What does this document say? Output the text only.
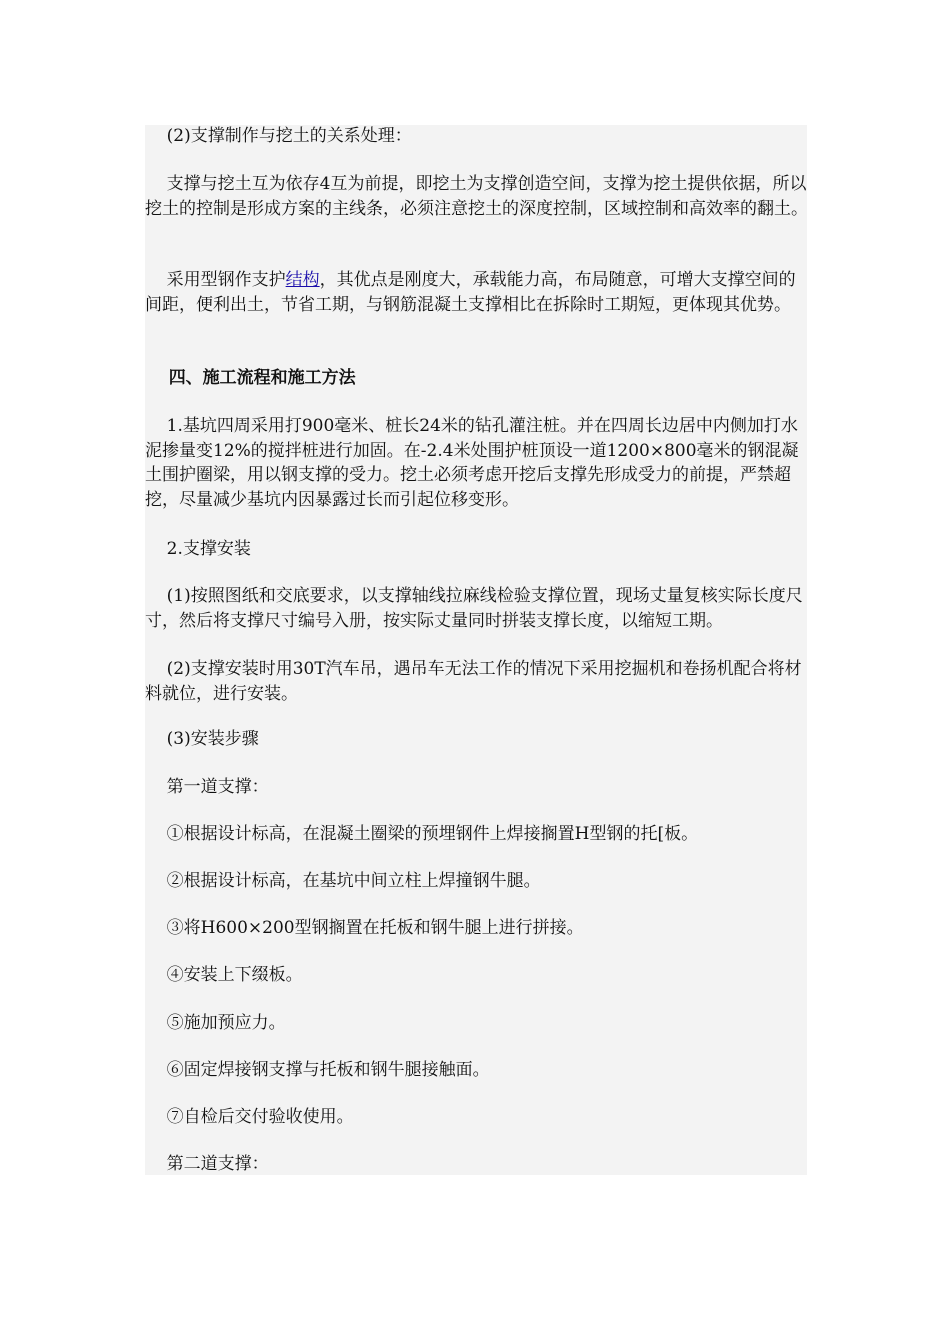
(2)支撑制作与挖土的关系处理：

支撑与挖土互为依存4互为前提，即挖土为支撑创造空间，支撑为挖土提供依据，所以挖土的控制是形成方案的主线条，必须注意挖土的深度控制，区域控制和高效率的翻土。

采用型钢作支护结构，其优点是刚度大，承载能力高，布局随意，可增大支撑空间的间距，便利出土，节省工期，与钢筋混凝土支撑相比在拆除时工期短，更体现其优势。

四、施工流程和施工方法

1.基坑四周采用打900毫米、桩长24米的钻孔灌注桩。并在四周长边居中内侧加打水泥掺量变12%的搅拌桩进行加固。在-2.4米处围护桩顶设一道1200×800毫米的钢混凝土围护圈梁，用以钢支撑的受力。挖土必须考虑开挖后支撑先形成受力的前提，严禁超挖，尽量减少基坑内因暴露过长而引起位移变形。

2.支撑安装

(1)按照图纸和交底要求，以支撑轴线拉麻线检验支撑位置，现场丈量复核实际长度尺寸，然后将支撑尺寸编号入册，按实际丈量同时拼装支撑长度，以缩短工期。

(2)支撑安装时用30T汽车吊，遇吊车无法工作的情况下采用挖掘机和卷扬机配合将材料就位，进行安装。

(3)安装步骤

第一道支撑：

①根据设计标高，在混凝土圈梁的预埋钢件上焊接搁置H型钢的托[板。

②根据设计标高，在基坑中间立柱上焊撞钢牛腿。

③将H600×200型钢搁置在托板和钢牛腿上进行拼接。

④安装上下缀板。

⑤施加预应力。

⑥固定焊接钢支撑与托板和钢牛腿接触面。

⑦自检后交付验收使用。

第二道支撑：
